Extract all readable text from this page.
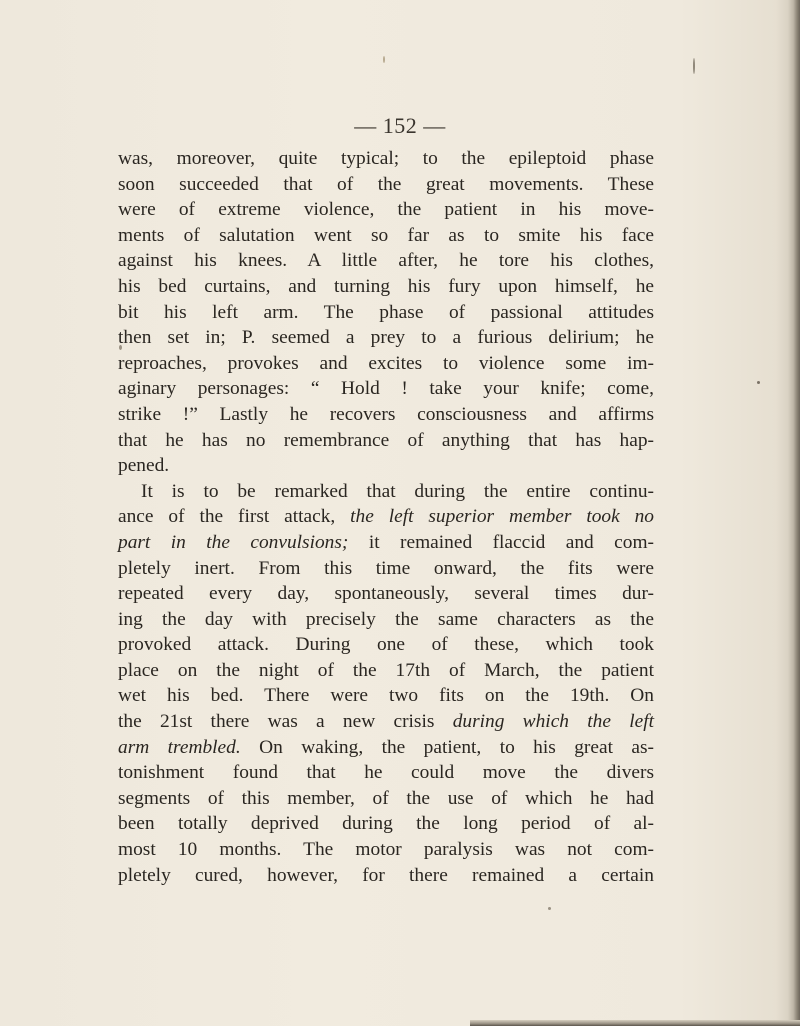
— 152 —
was, moreover, quite typical; to the epileptoid phase
soon succeeded that of the great movements. These
were of extreme violence, the patient in his move-
ments of salutation went so far as to smite his face
against his knees. A little after, he tore his clothes,
his bed curtains, and turning his fury upon himself, he
bit his left arm. The phase of passional attitudes
then set in; P. seemed a prey to a furious delirium; he
reproaches, provokes and excites to violence some im-
aginary personages: “ Hold ! take your knife; come,
strike !” Lastly he recovers consciousness and affirms
that he has no remembrance of anything that has hap-
pened.
It is to be remarked that during the entire continu-
ance of the first attack, the left superior member took no
part in the convulsions; it remained flaccid and com-
pletely inert. From this time onward, the fits were
repeated every day, spontaneously, several times dur-
ing the day with precisely the same characters as the
provoked attack. During one of these, which took
place on the night of the 17th of March, the patient
wet his bed. There were two fits on the 19th. On
the 21st there was a new crisis during which the left
arm trembled. On waking, the patient, to his great as-
tonishment found that he could move the divers
segments of this member, of the use of which he had
been totally deprived during the long period of al-
most 10 months. The motor paralysis was not com-
pletely cured, however, for there remained a certain
